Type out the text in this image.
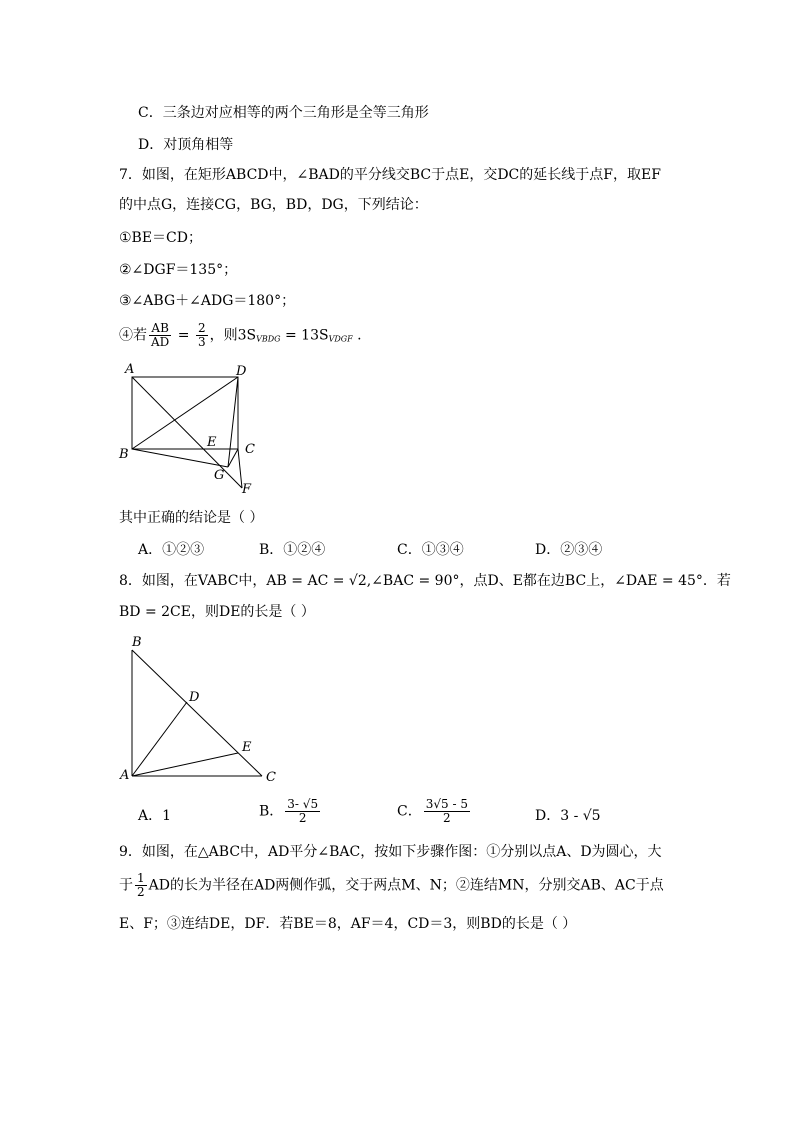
C．三条边对应相等的两个三角形是全等三角形
D．对顶角相等
7．如图，在矩形ABCD中，∠BAD的平分线交BC于点E，交DC的延长线于点F，取EF
的中点G，连接CG，BG，BD，DG，下列结论：
①BE＝CD；
②∠DGF＝135°；
③∠ABG＋∠ADG＝180°；
④若 $\frac{AB}{AD} = \frac{2}{3}$ ，则$3S_{VBDG} = 13S_{VDGF}$ .
A	D
B
E C
G
F
其中正确的结论是（ ）
A．①②③	B．①②④	C．①③④	D．②③④
8．如图，在VABC中，AB = AC = √2,∠BAC = 90°，点D、E都在边BC上，∠DAE = 45°．若
BD = 2CE，则DE的长是（ ）
B
D
E
A	C
A．1	B． $\frac{3- √5}{2}$	C． $\frac{3√5 - 5}{2}$	D．3 - √5
9．如图，在△ABC中，AD平分∠BAC，按如下步骤作图：①分别以点A、D为圆心，大
于 $\frac{1}{2}$ AD的长为半径在AD两侧作弧，交于两点M、N；②连结MN，分别交AB、AC于点
E、F；③连结DE，DF．若BE＝8，AF＝4，CD＝3，则BD的长是（ ）
